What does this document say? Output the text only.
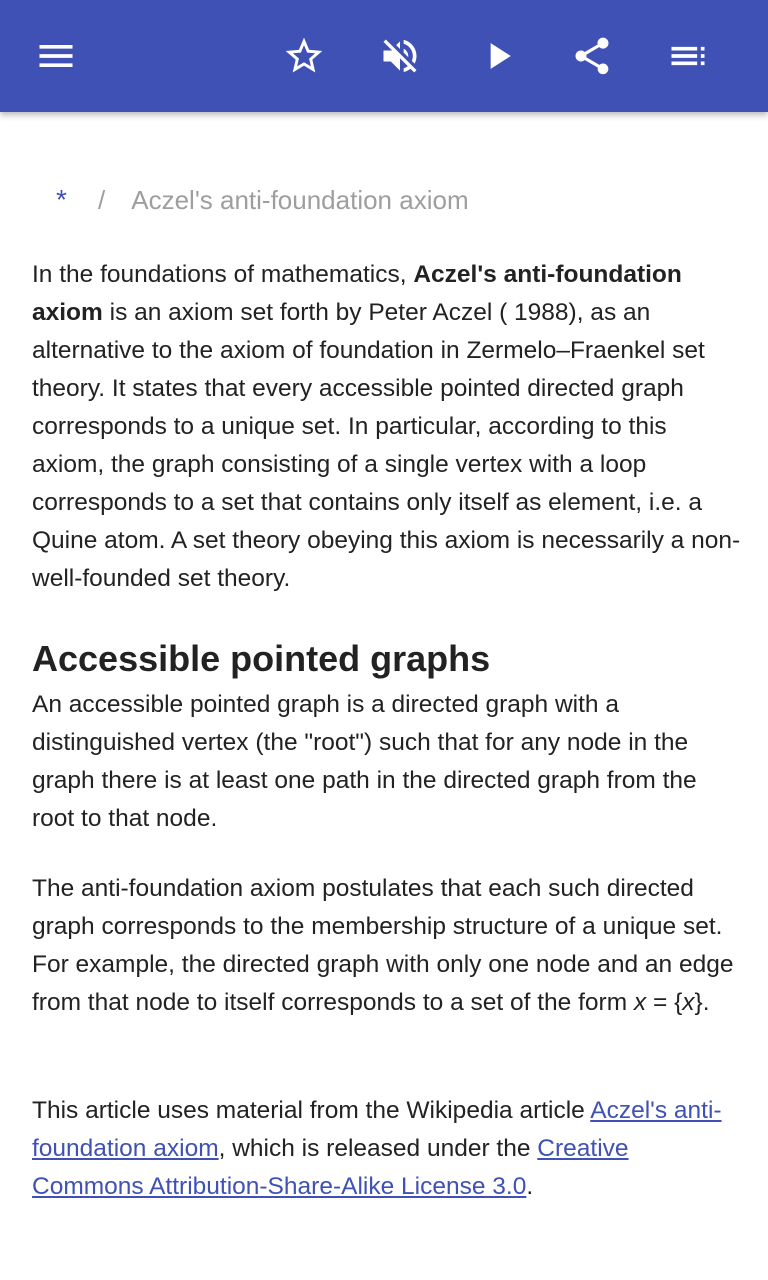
*	/ Aczel's anti-foundation axiom

In the foundations of mathematics, Aczel's anti-foundation axiom is an axiom set forth by Peter Aczel ( 1988), as an alternative to the axiom of foundation in Zermelo–Fraenkel set theory. It states that every accessible pointed directed graph corresponds to a unique set. In particular, according to this axiom, the graph consisting of a single vertex with a loop corresponds to a set that contains only itself as element, i.e. a Quine atom. A set theory obeying this axiom is necessarily a non-well-founded set theory.

Accessible pointed graphs

An accessible pointed graph is a directed graph with a distinguished vertex (the "root") such that for any node in the graph there is at least one path in the directed graph from the root to that node.

The anti-foundation axiom postulates that each such directed graph corresponds to the membership structure of a unique set. For example, the directed graph with only one node and an edge from that node to itself corresponds to a set of the form x = {x}.

This article uses material from the Wikipedia article Aczel's anti-foundation axiom, which is released under the Creative Commons Attribution-Share-Alike License 3.0.
